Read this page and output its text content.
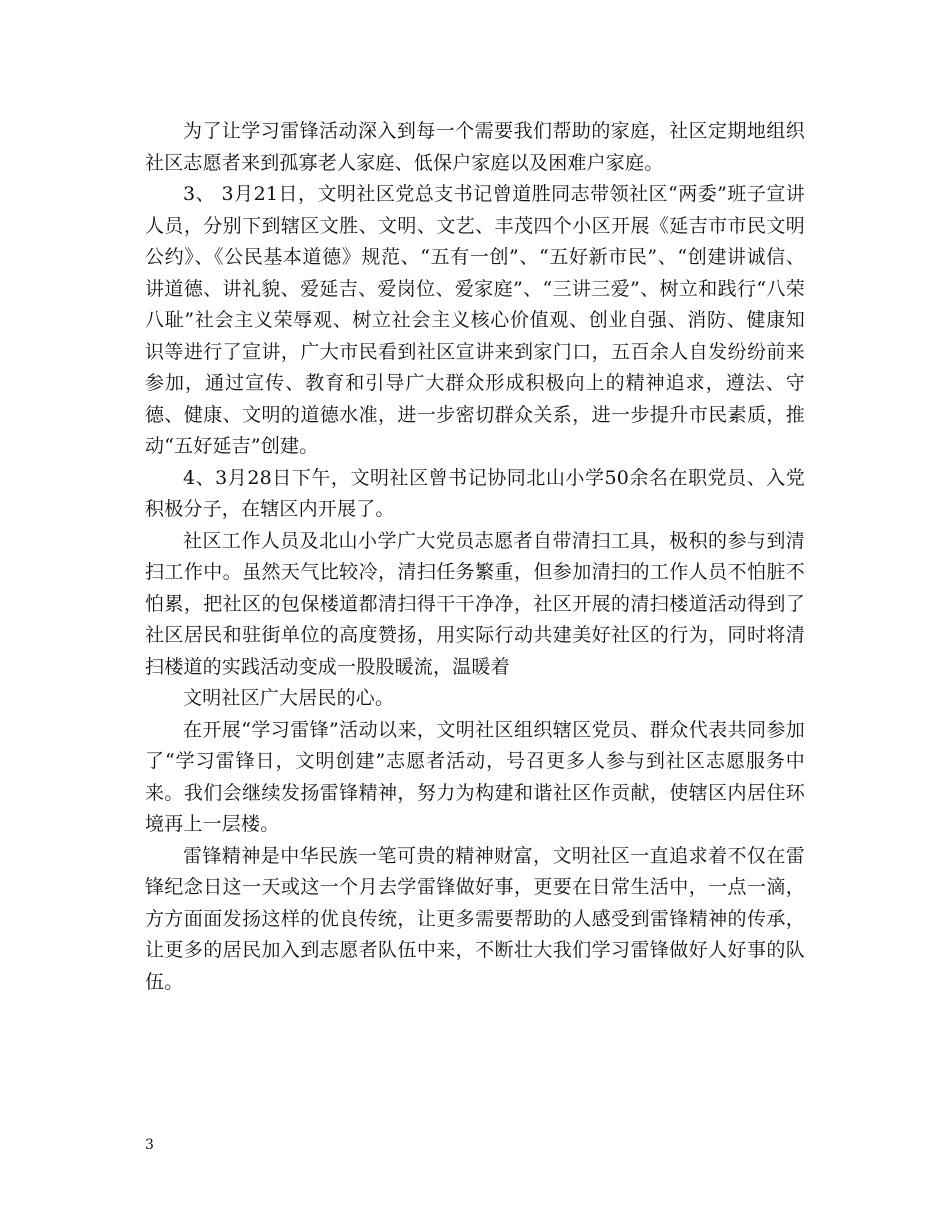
为了让学习雷锋活动深入到每一个需要我们帮助的家庭，社区定期地组织社区志愿者来到孤寡老人家庭、低保户家庭以及困难户家庭。

3、 3月21日，文明社区党总支书记曾道胜同志带领社区“两委”班子宣讲人员，分别下到辖区文胜、文明、文艺、丰茂四个小区开展《延吉市市民文明公约》、《公民基本道德》规范、“五有一创”、“五好新市民”、“创建讲诚信、讲道德、讲礼貌、爱延吉、爱岗位、爱家庭”、“三讲三爱”、树立和践行“八荣八耻”社会主义荣辱观、树立社会主义核心价值观、创业自强、消防、健康知识等进行了宣讲，广大市民看到社区宣讲来到家门口，五百余人自发纷纷前来参加，通过宣传、教育和引导广大群众形成积极向上的精神追求，遵法、守德、健康、文明的道德水准，进一步密切群众关系，进一步提升市民素质，推动“五好延吉”创建。

4、3月28日下午，文明社区曾书记协同北山小学50余名在职党员、入党积极分子，在辖区内开展了。

社区工作人员及北山小学广大党员志愿者自带清扫工具，极积的参与到清扫工作中。虽然天气比较冷，清扫任务繁重，但参加清扫的工作人员不怕脏不怕累，把社区的包保楼道都清扫得干干净净，社区开展的清扫楼道活动得到了社区居民和驻街单位的高度赞扬，用实际行动共建美好社区的行为，同时将清扫楼道的实践活动变成一股股暖流，温暖着

文明社区广大居民的心。

在开展“学习雷锋”活动以来，文明社区组织辖区党员、群众代表共同参加了“学习雷锋日，文明创建”志愿者活动，号召更多人参与到社区志愿服务中来。我们会继续发扬雷锋精神，努力为构建和谐社区作贡献，使辖区内居住环境再上一层楼。

雷锋精神是中华民族一笔可贵的精神财富，文明社区一直追求着不仅在雷锋纪念日这一天或这一个月去学雷锋做好事，更要在日常生活中，一点一滴，方方面面发扬这样的优良传统，让更多需要帮助的人感受到雷锋精神的传承，让更多的居民加入到志愿者队伍中来，不断壮大我们学习雷锋做好人好事的队伍。

3
